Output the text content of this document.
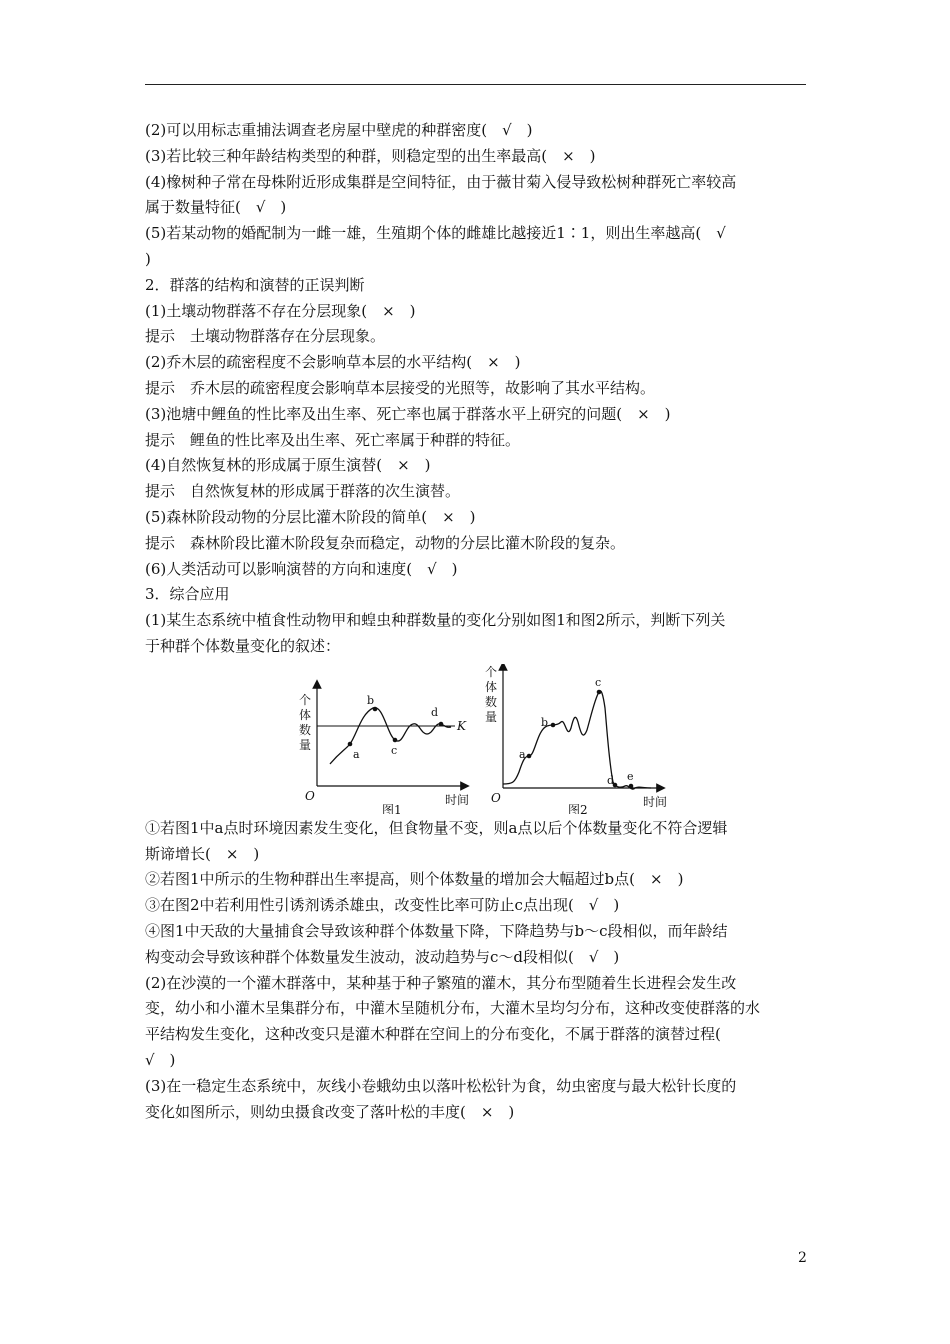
(2)可以用标志重捕法调查老房屋中壁虎的种群密度(　√　)
(3)若比较三种年龄结构类型的种群，则稳定型的出生率最高(　×　)
(4)橡树种子常在母株附近形成集群是空间特征，由于薇甘菊入侵导致松树种群死亡率较高
属于数量特征(　√　)
(5)若某动物的婚配制为一雌一雄，生殖期个体的雌雄比越接近1∶1，则出生率越高(　√
)
2．群落的结构和演替的正误判断
(1)土壤动物群落不存在分层现象(　×　)
提示　土壤动物群落存在分层现象。
(2)乔木层的疏密程度不会影响草本层的水平结构(　×　)
提示　乔木层的疏密程度会影响草本层接受的光照等，故影响了其水平结构。
(3)池塘中鲤鱼的性比率及出生率、死亡率也属于群落水平上研究的问题(　×　)
提示　鲤鱼的性比率及出生率、死亡率属于种群的特征。
(4)自然恢复林的形成属于原生演替(　×　)
提示　自然恢复林的形成属于群落的次生演替。
(5)森林阶段动物的分层比灌木阶段的简单(　×　)
提示　森林阶段比灌木阶段复杂而稳定，动物的分层比灌木阶段的复杂。
(6)人类活动可以影响演替的方向和速度(　√　)
3．综合应用
(1)某生态系统中植食性动物甲和蝗虫种群数量的变化分别如图1和图2所示，判断下列关
于种群个体数量变化的叙述：
个
体
数
量
O	时间
K
a
b
c
d
图1
个
体
数
量
O	时间
a
b
c
d e
图2
①若图1中a点时环境因素发生变化，但食物量不变，则a点以后个体数量变化不符合逻辑
斯谛增长(　×　)
②若图1中所示的生物种群出生率提高，则个体数量的增加会大幅超过b点(　×　)
③在图2中若利用性引诱剂诱杀雄虫，改变性比率可防止c点出现(　√　)
④图1中天敌的大量捕食会导致该种群个体数量下降，下降趋势与b～c段相似，而年龄结
构变动会导致该种群个体数量发生波动，波动趋势与c～d段相似(　√　)
(2)在沙漠的一个灌木群落中，某种基于种子繁殖的灌木，其分布型随着生长进程会发生改
变，幼小和小灌木呈集群分布，中灌木呈随机分布，大灌木呈均匀分布，这种改变使群落的水
平结构发生变化，这种改变只是灌木种群在空间上的分布变化，不属于群落的演替过程(
√　)
(3)在一稳定生态系统中，灰线小卷蛾幼虫以落叶松松针为食，幼虫密度与最大松针长度的
变化如图所示，则幼虫摄食改变了落叶松的丰度(　×　)
2
